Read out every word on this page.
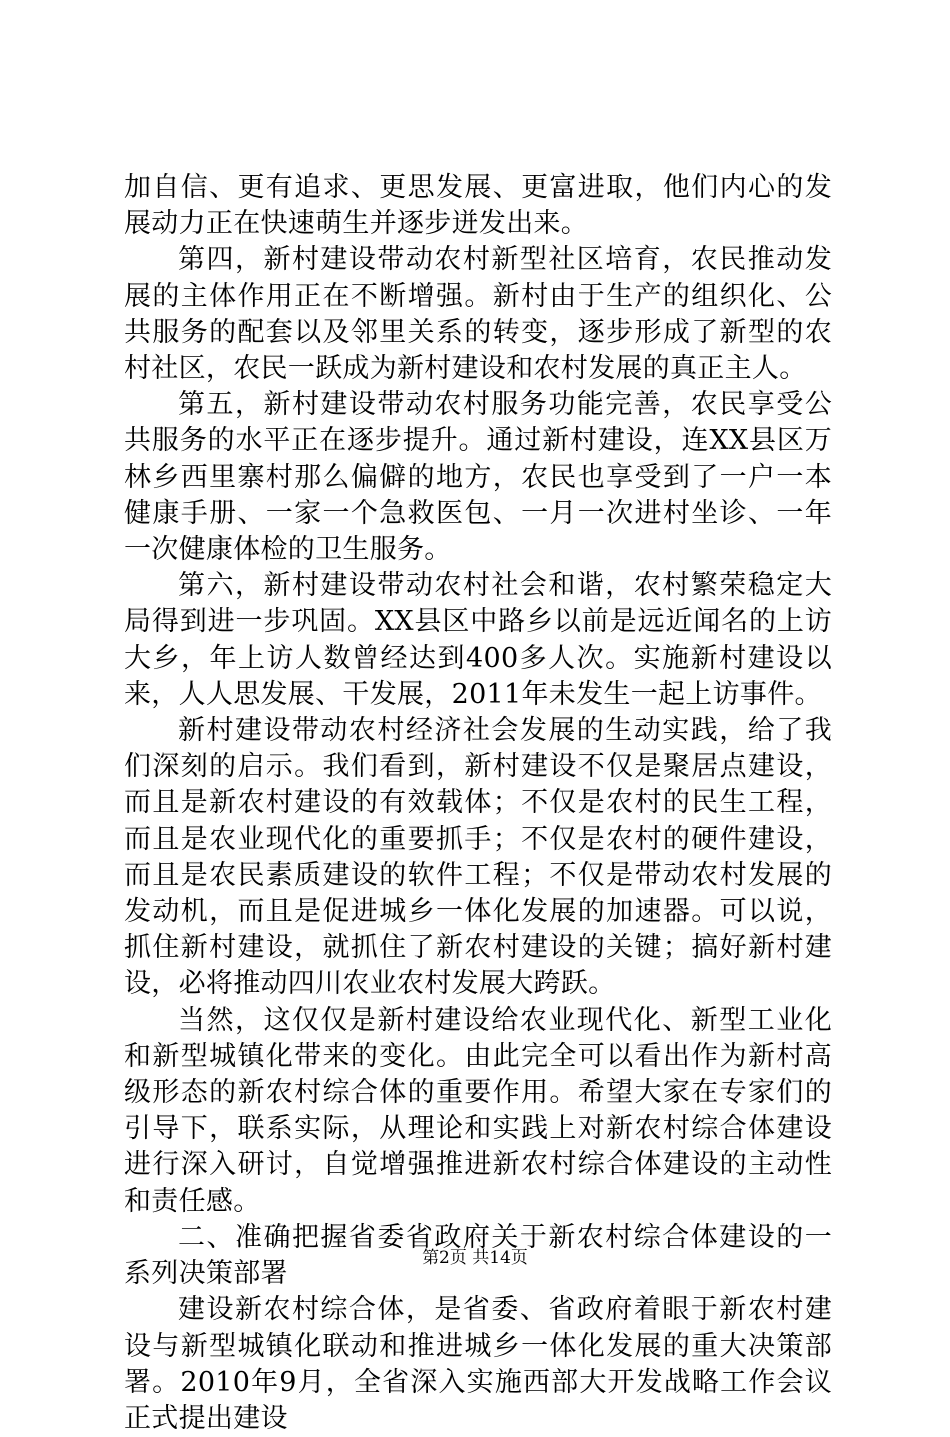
加自信、更有追求、更思发展、更富进取，他们内心的发展动力正在快速萌生并逐步迸发出来。

第四，新村建设带动农村新型社区培育，农民推动发展的主体作用正在不断增强。新村由于生产的组织化、公共服务的配套以及邻里关系的转变，逐步形成了新型的农村社区，农民一跃成为新村建设和农村发展的真正主人。

第五，新村建设带动农村服务功能完善，农民享受公共服务的水平正在逐步提升。通过新村建设，连XX县区万林乡西里寨村那么偏僻的地方，农民也享受到了一户一本健康手册、一家一个急救医包、一月一次进村坐诊、一年一次健康体检的卫生服务。

第六，新村建设带动农村社会和谐，农村繁荣稳定大局得到进一步巩固。XX县区中路乡以前是远近闻名的上访大乡，年上访人数曾经达到400多人次。实施新村建设以来，人人思发展、干发展，2011年未发生一起上访事件。

新村建设带动农村经济社会发展的生动实践，给了我们深刻的启示。我们看到，新村建设不仅是聚居点建设，而且是新农村建设的有效载体；不仅是农村的民生工程，而且是农业现代化的重要抓手；不仅是农村的硬件建设，而且是农民素质建设的软件工程；不仅是带动农村发展的发动机，而且是促进城乡一体化发展的加速器。可以说，抓住新村建设，就抓住了新农村建设的关键；搞好新村建设，必将推动四川农业农村发展大跨跃。

当然，这仅仅是新村建设给农业现代化、新型工业化和新型城镇化带来的变化。由此完全可以看出作为新村高级形态的新农村综合体的重要作用。希望大家在专家们的引导下，联系实际，从理论和实践上对新农村综合体建设进行深入研讨，自觉增强推进新农村综合体建设的主动性和责任感。

二、准确把握省委省政府关于新农村综合体建设的一系列决策部署

建设新农村综合体，是省委、省政府着眼于新农村建设与新型城镇化联动和推进城乡一体化发展的重大决策部署。2010年9月，全省深入实施西部大开发战略工作会议正式提出建设

第2页 共14页
